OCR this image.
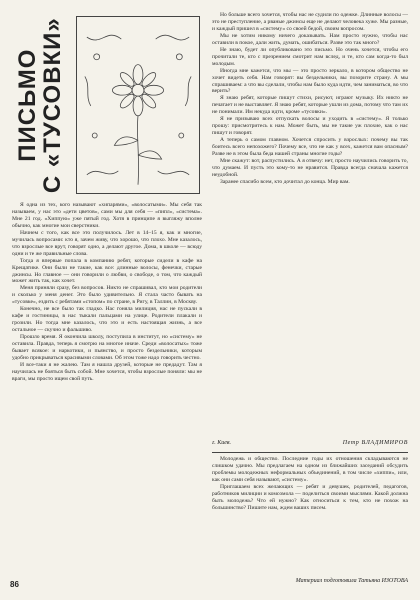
ПИСЬМО
С «ТУСОВКИ»

Я одна из тех, кого называют «хипарями», «волосатыми». Мы себя так называем, у нас это «дети цветов», сами мы для себя — «пипл», «система». Мне 21 год. «Хиппую» уже пятый год. Хотя в принципе я выгляжу вполне обычно, как многие мои сверстники.

Начнем с того, как все это получилось. Лет в 14–15 я, как и многие, мучилась вопросами: кто я, зачем живу, что хорошо, что плохо. Мне казалось, что взрослые все врут, говорят одно, а делают другое. Дома, в школе — всюду одни и те же правильные слова.

Тогда я впервые попала в компанию ребят, которые сидели в кафе на Крещатике. Они были не такие, как все: длинные волосы, фенечки, старые джинсы. Но главное — они говорили о любви, о свободе, о том, что каждый может жить так, как хочет.

Меня приняли сразу, без вопросов. Никто не спрашивал, кто мои родители и сколько у меня денег. Это было удивительно. Я стала часто бывать на «тусовке», ездить с ребятами «стопом» по стране, в Ригу, в Таллин, в Москву.

Конечно, не все было так гладко. Нас гоняла милиция, нас не пускали в кафе и гостиницы, в нас тыкали пальцами на улице. Родители плакали и грозили. Но тогда мне казалось, что это и есть настоящая жизнь, а все остальное — скучно и фальшиво.

Прошло время. Я окончила школу, поступила в институт, но «систему» не оставила. Правда, теперь я смотрю на многое иначе. Среди «волосатых» тоже бывает всякое: и наркотики, и пьянство, и просто бездельники, которым удобно прикрываться красивыми словами. Об этом тоже надо говорить честно.

И все-таки я не жалею. Там я нашла друзей, которые не предадут. Там я научилась не бояться быть собой. Мне хочется, чтобы взрослые поняли: мы не враги, мы просто ищем свой путь.

Но больше всего хочется, чтобы нас не судили по одежке. Длинные волосы — это не преступление, а рваные джинсы еще не делают человека хуже. Мы разные, и каждый пришел в «систему» со своей бедой, своим вопросом.

Мы не хотим никому ничего доказывать. Нам просто нужно, чтобы нас оставили в покое, дали жить, думать, ошибаться. Разве это так много?

Не знаю, будет ли опубликовано это письмо. Но очень хочется, чтобы его прочитали те, кто с презрением смотрит нам вслед, и те, кто сам когда-то был молодым.

Иногда мне кажется, что мы — это просто зеркало, в котором общество не хочет видеть себя. Нам говорят: вы бездельники, вы позорите страну. А мы спрашиваем: а что вы сделали, чтобы нам было куда идти, чем заниматься, во что верить?

Я знаю ребят, которые пишут стихи, рисуют, играют музыку. Их никто не печатает и не выставляет. Я знаю ребят, которые ушли из дома, потому что там их не понимали. Им некуда идти, кроме «тусовки».

Я не призываю всех отпускать волосы и уходить в «систему». Я только прошу: присмотритесь к нам. Может быть, мы не такие уж плохие, как о нас пишут и говорят.

А теперь о самом главном. Хочется спросить у взрослых: почему вы так боитесь всего непохожего? Почему все, что не как у всех, кажется вам опасным? Разве не в этом была беда нашей страны многие годы?

Мне скажут: вот, распустились. А я отвечу: нет, просто научились говорить то, что думаем. И пусть это кому-то не нравится. Правда всегда сначала кажется неудобной.

Заранее спасибо всем, кто дочитал до конца. Мир вам.

г. Киев.	Петр ВЛАДИМИРОВ

Молодежь и общество. Последние годы их отношения складываются не слишком удачно. Мы предлагаем на одном из ближайших заседаний обсудить проблемы молодежных неформальных объединений, в том числе «хиппи», или, как они сами себя называют, «систему».

Приглашаем всех желающих — ребят и девушек, родителей, педагогов, работников милиции и комсомола — поделиться своими мыслями. Какой должна быть молодежь? Что ей нужно? Как относиться к тем, кто не похож на большинство? Пишите нам, ждем ваших писем.

Материал подготовила Татьяна ИЗОТОВА
86
